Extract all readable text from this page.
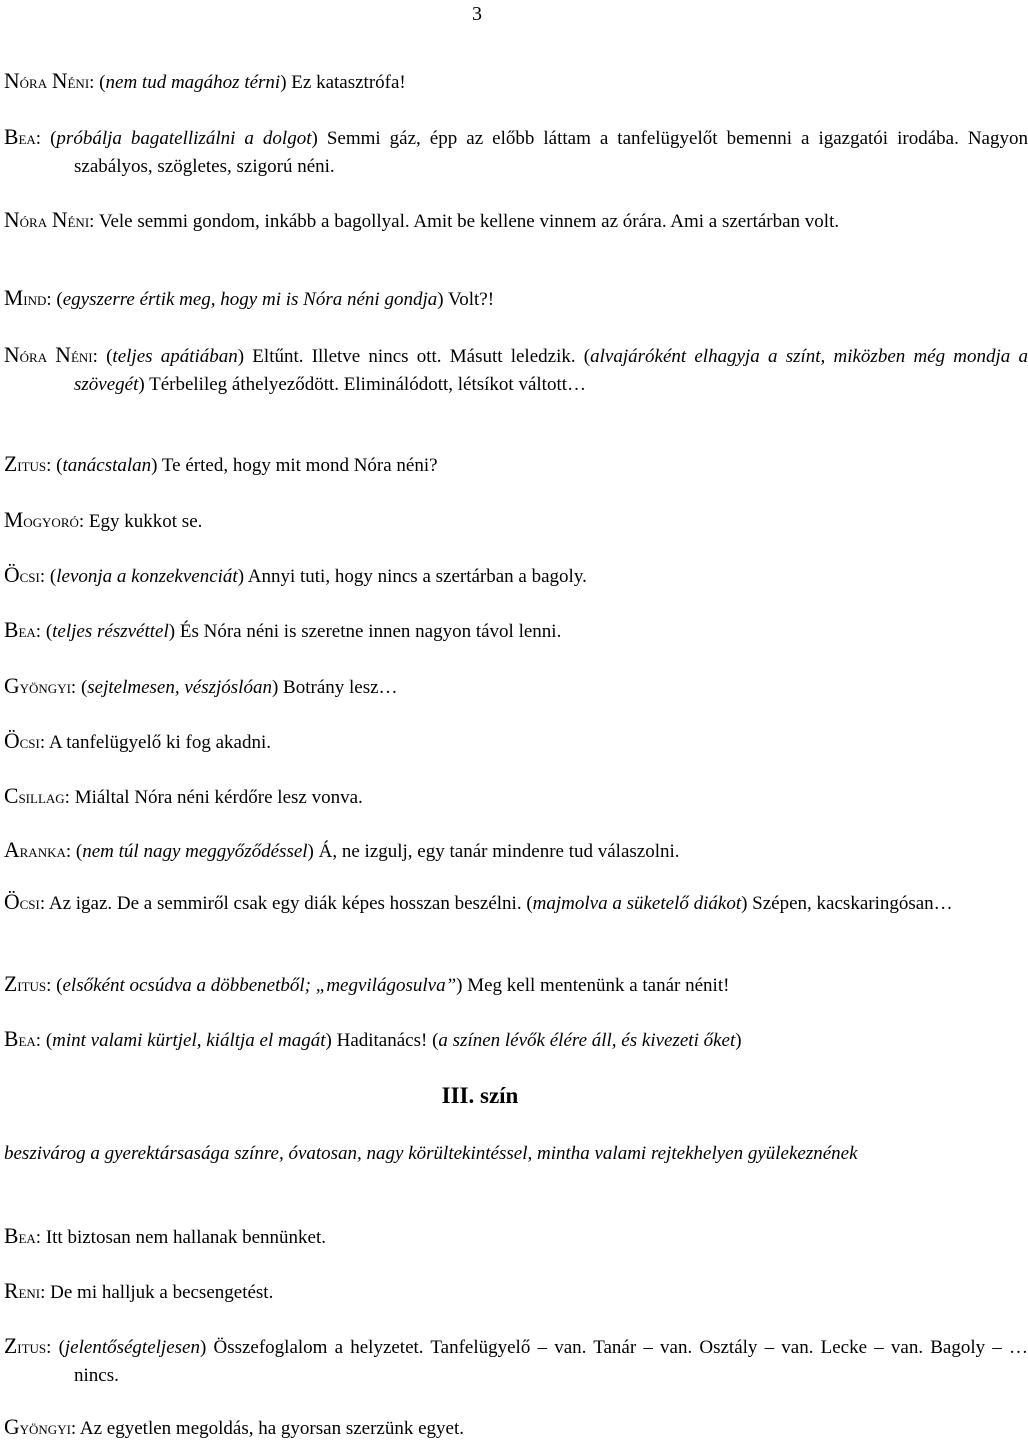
3

Nóra Néni: (nem tud magához térni) Ez katasztrófa!

Bea: (próbálja bagatellizálni a dolgot) Semmi gáz, épp az előbb láttam a tanfelügyelőt bemenni a igazgatói irodába. Nagyon szabályos, szögletes, szigorú néni.

Nóra Néni: Vele semmi gondom, inkább a bagollyal. Amit be kellene vinnem az órára. Ami a szertárban volt.

Mind: (egyszerre értik meg, hogy mi is Nóra néni gondja) Volt?!

Nóra Néni: (teljes apátiában) Eltűnt. Illetve nincs ott. Másutt leledzik. (alvajáróként elhagyja a színt, miközben még mondja a szövegét) Térbelileg áthelyeződött. Eliminálódott, létsíkot váltott…

Zitus: (tanácstalan) Te érted, hogy mit mond Nóra néni?

Mogyoró: Egy kukkot se.

Öcsi: (levonja a konzekvenciát) Annyi tuti, hogy nincs a szertárban a bagoly.

Bea: (teljes részvéttel) És Nóra néni is szeretne innen nagyon távol lenni.

Gyöngyi: (sejtelmesen, vészjóslóan) Botrány lesz…

Öcsi: A tanfelügyelő ki fog akadni.

Csillag: Miáltal Nóra néni kérdőre lesz vonva.

Aranka: (nem túl nagy meggyőződéssel) Á, ne izgulj, egy tanár mindenre tud válaszolni.

Öcsi: Az igaz. De a semmiről csak egy diák képes hosszan beszélni. (majmolva a süketelő diákot) Szépen, kacskaringósan…

Zitus: (elsőként ocsúdva a döbbenetből; „megvilágosulva”) Meg kell mentenünk a tanár nénit!

Bea: (mint valami kürtjel, kiáltja el magát) Haditanács! (a színen lévők élére áll, és kivezeti őket)

III. szín

beszivárog a gyerektársasága színre, óvatosan, nagy körültekintéssel, mintha valami rejtekhelyen gyülekeznének

Bea: Itt biztosan nem hallanak bennünket.

Reni: De mi halljuk a becsengetést.

Zitus: (jelentőségteljesen) Összefoglalom a helyzetet. Tanfelügyelő – van. Tanár – van. Osztály – van. Lecke – van. Bagoly – … nincs.

Gyöngyi: Az egyetlen megoldás, ha gyorsan szerzünk egyet.
